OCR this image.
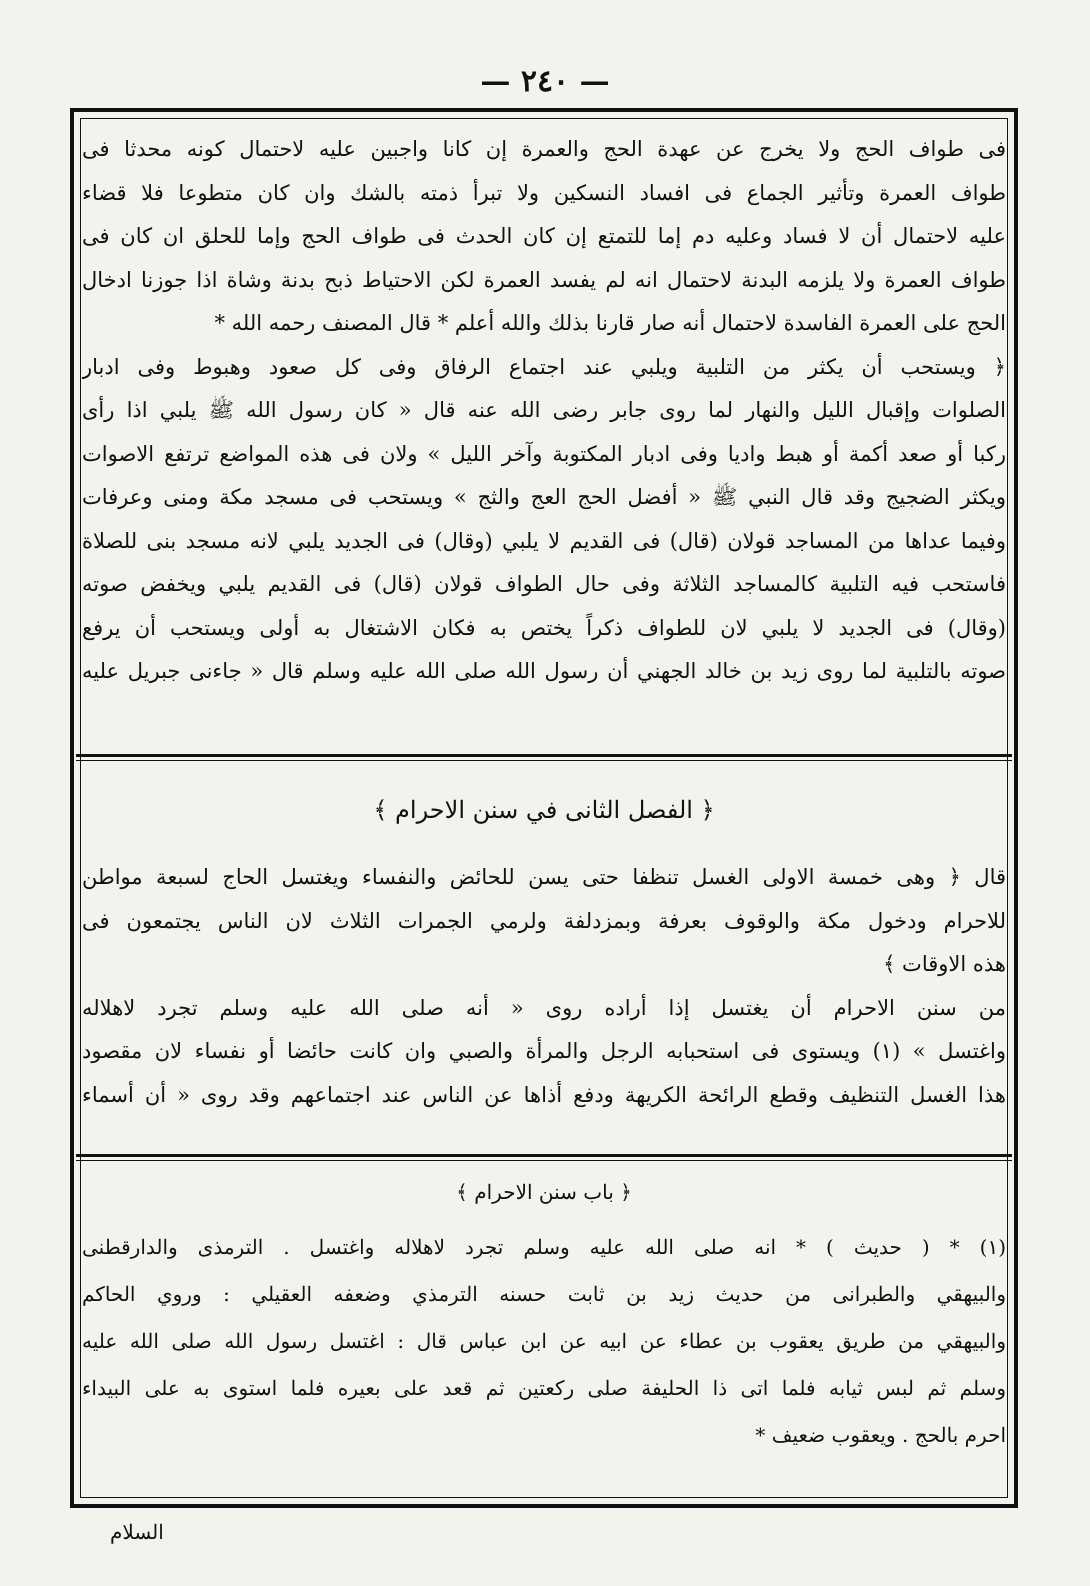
— ٢٤٠ —
فى طواف الحج ولا يخرج عن عهدة الحج والعمرة إن كانا واجبين عليه لاحتمال كونه محدثا فى
طواف العمرة وتأثير الجماع فى افساد النسكين ولا تبرأ ذمته بالشك وان كان متطوعا فلا قضاء
عليه لاحتمال أن لا فساد وعليه دم إما للتمتع إن كان الحدث فى طواف الحج وإما للحلق ان كان فى
طواف العمرة ولا يلزمه البدنة لاحتمال انه لم يفسد العمرة لكن الاحتياط ذبح بدنة وشاة اذا جوزنا ادخال
الحج على العمرة الفاسدة لاحتمال أنه صار قارنا بذلك والله أعلم * قال المصنف رحمه الله *
﴿ ويستحب أن يكثر من التلبية ويلبي عند اجتماع الرفاق وفى كل صعود وهبوط وفى ادبار
الصلوات وإقبال الليل والنهار لما روى جابر رضى الله عنه قال « كان رسول الله ﷺ يلبي اذا رأى
ركبا أو صعد أكمة أو هبط واديا وفى ادبار المكتوبة وآخر الليل » ولان فى هذه المواضع ترتفع الاصوات
ويكثر الضجيج وقد قال النبي ﷺ « أفضل الحج العج والثج » ويستحب فى مسجد مكة ومنى وعرفات
وفيما عداها من المساجد قولان (قال) فى القديم لا يلبي (وقال) فى الجديد يلبي لانه مسجد بنى للصلاة
فاستحب فيه التلبية كالمساجد الثلاثة وفى حال الطواف قولان (قال) فى القديم يلبي ويخفض صوته
(وقال) فى الجديد لا يلبي لان للطواف ذكراً يختص به فكان الاشتغال به أولى ويستحب أن يرفع
صوته بالتلبية لما روى زيد بن خالد الجهني أن رسول الله صلى الله عليه وسلم قال « جاءنى جبريل عليه
﴿ الفصل الثانى في سنن الاحرام ﴾
قال ﴿ وهى خمسة الاولى الغسل تنظفا حتى يسن للحائض والنفساء ويغتسل الحاج لسبعة مواطن
للاحرام ودخول مكة والوقوف بعرفة وبمزدلفة ولرمي الجمرات الثلاث لان الناس يجتمعون فى
هذه الاوقات ﴾
من سنن الاحرام أن يغتسل إذا أراده روى « أنه صلى الله عليه وسلم تجرد لاهلاله
واغتسل » (١) ويستوى فى استحبابه الرجل والمرأة والصبي وان كانت حائضا أو نفساء لان مقصود
هذا الغسل التنظيف وقطع الرائحة الكريهة ودفع أذاها عن الناس عند اجتماعهم وقد روى « أن أسماء
﴿ باب سنن الاحرام ﴾
(١) * ( حديث ) * انه صلى الله عليه وسلم تجرد لاهلاله واغتسل . الترمذى والدارقطنى
والبيهقي والطبرانى من حديث زيد بن ثابت حسنه الترمذي وضعفه العقيلي : وروي الحاكم
والبيهقي من طريق يعقوب بن عطاء عن ابيه عن ابن عباس قال : اغتسل رسول الله صلى الله عليه
وسلم ثم لبس ثيابه فلما اتى ذا الحليفة صلى ركعتين ثم قعد على بعيره فلما استوى به على البيداء
احرم بالحج . ويعقوب ضعيف *
السلام
